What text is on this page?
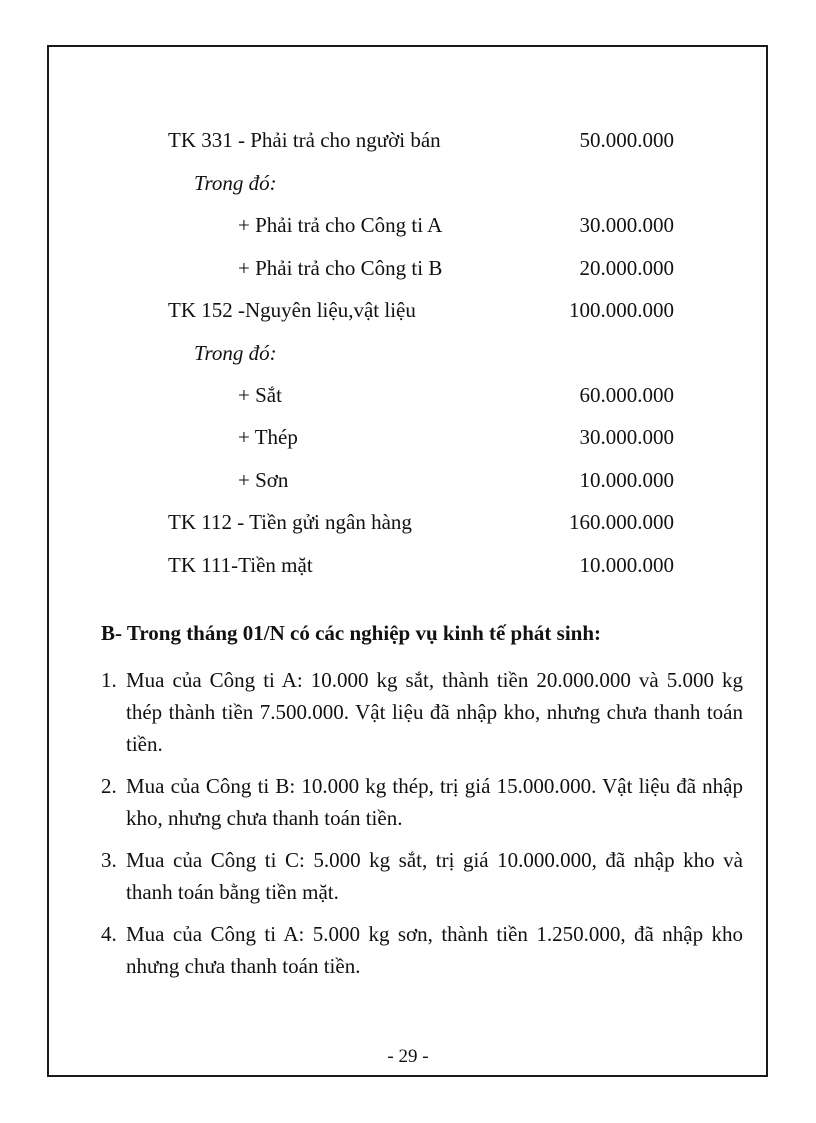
TK 331 - Phải trả cho người bán	50.000.000
Trong đó:
+ Phải trả cho Công ti A	30.000.000
+ Phải trả cho Công ti B	20.000.000
TK 152 -Nguyên liệu,vật liệu	100.000.000
Trong đó:
+ Sắt	60.000.000
+ Thép	30.000.000
+ Sơn	10.000.000
TK 112 - Tiền gửi ngân hàng	160.000.000
TK 111-Tiền mặt	10.000.000
B- Trong tháng 01/N có các nghiệp vụ kinh tế phát sinh:
1. Mua của Công ti A: 10.000 kg sắt, thành tiền 20.000.000 và 5.000 kg thép thành tiền 7.500.000. Vật liệu đã nhập kho, nhưng chưa thanh toán tiền.
2. Mua của Công ti B: 10.000 kg thép, trị giá 15.000.000. Vật liệu đã nhập kho, nhưng chưa thanh toán tiền.
3. Mua của Công ti C: 5.000 kg sắt, trị giá 10.000.000, đã nhập kho và thanh toán bằng tiền mặt.
4. Mua của Công ti A: 5.000 kg sơn, thành tiền 1.250.000, đã nhập kho nhưng chưa thanh toán tiền.
- 29 -
